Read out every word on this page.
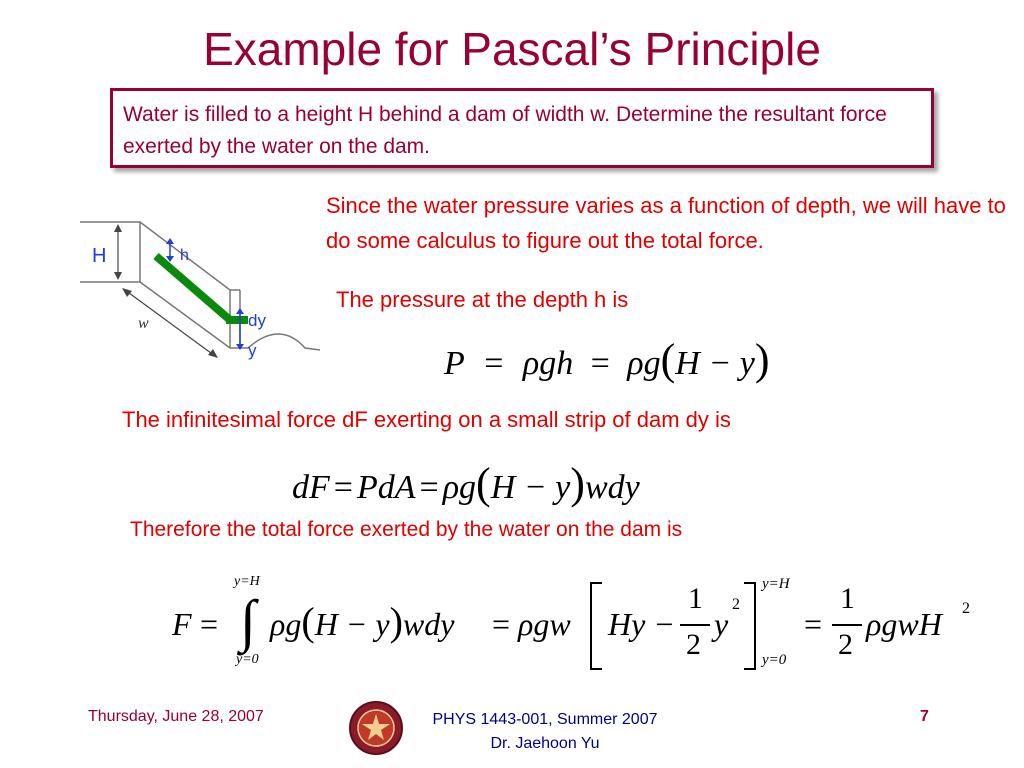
Example for Pascal’s Principle
Water is filled to a height H behind a dam of width w. Determine the resultant force exerted by the water on the dam.
H	h
w	dy
y
Since the water pressure varies as a function of depth, we will have to do some calculus to figure out the total force.
The pressure at the depth h is
P = ρgh = ρg(H − y)
The infinitesimal force dF exerting on a small strip of dam dy is
dF = PdA = ρg(H − y)wdy
Therefore the total force exerted by the water on the dam is
F =
y=H
∫
y=0
ρg(H − y)wdy = ρgw Hy −
1
2
y
2
y=H
y=0
=
1
2
ρgwH 2
Thursday, June 28, 2007	PHYS 1443-001, Summer 2007
Dr. Jaehoon Yu
7
